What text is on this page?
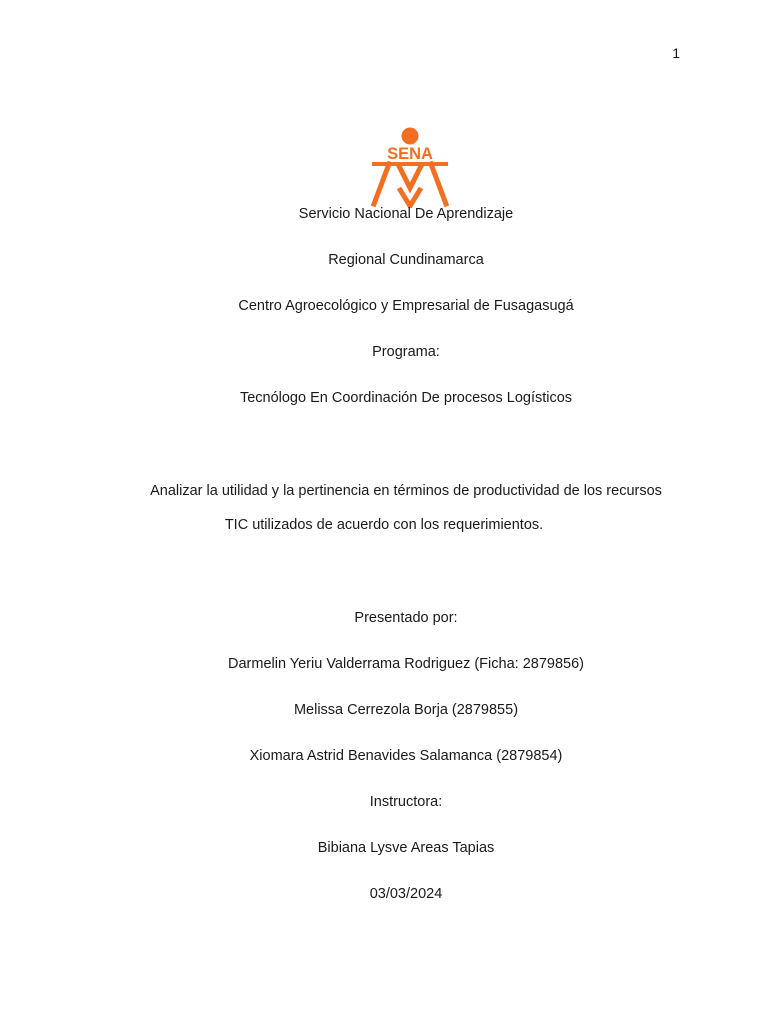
1
SENA
Servicio Nacional De Aprendizaje
Regional Cundinamarca
Centro Agroecológico y Empresarial de Fusagasugá
Programa:
Tecnólogo En Coordinación De procesos Logísticos
Analizar la utilidad y la pertinencia en términos de productividad de los recursos
TIC utilizados de acuerdo con los requerimientos.
Presentado por:
Darmelin Yeriu Valderrama Rodriguez (Ficha: 2879856)
Melissa Cerrezola Borja (2879855)
Xiomara Astrid Benavides Salamanca (2879854)
Instructora:
Bibiana Lysve Areas Tapias
03/03/2024
